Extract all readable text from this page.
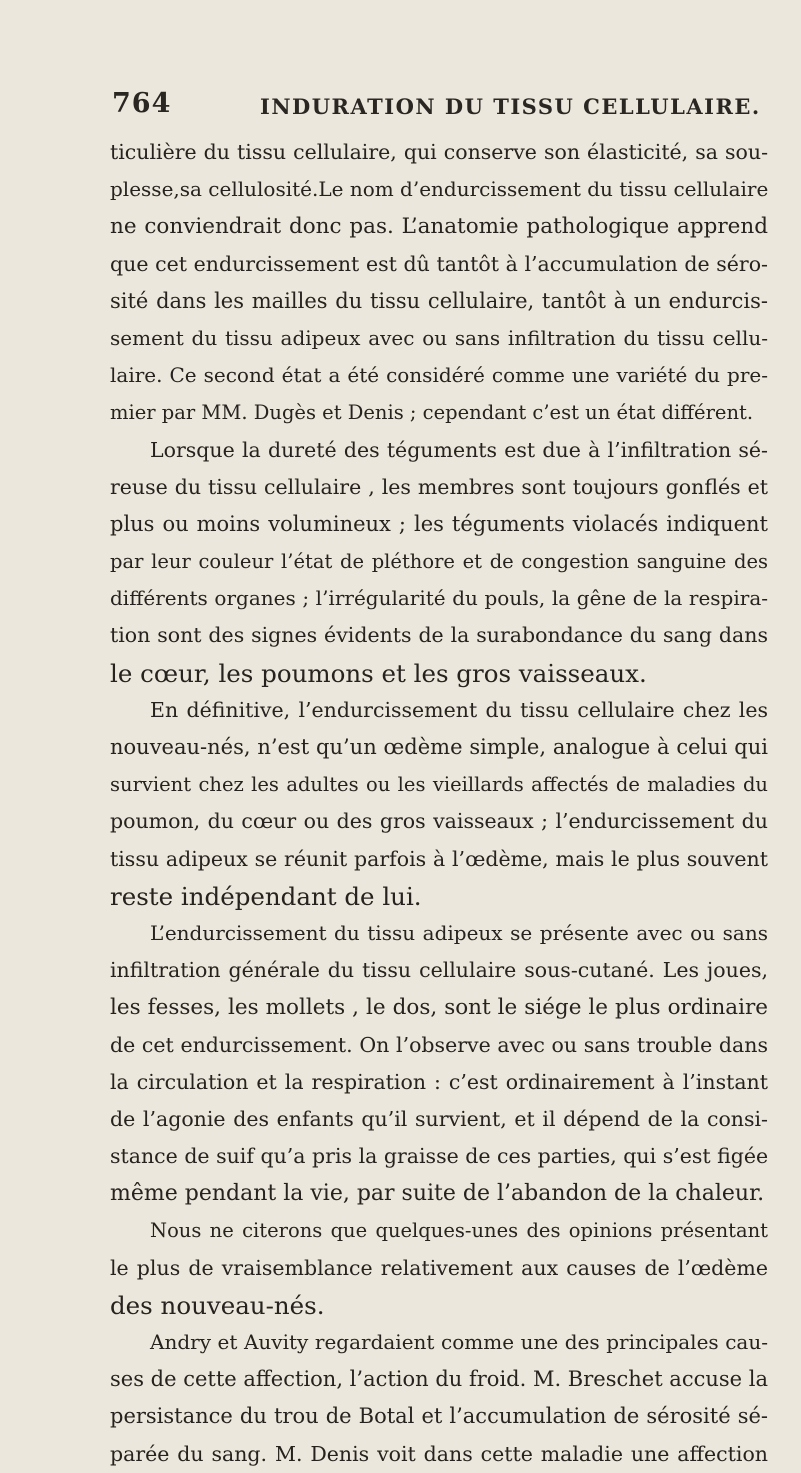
764	INDURATION DU TISSU CELLULAIRE.
ticulière du tissu cellulaire, qui conserve son élasticité, sa sou-
plesse,sa cellulosité.Le nom d’endurcissement du tissu cellulaire
ne conviendrait donc pas. L’anatomie pathologique apprend
que cet endurcissement est dû tantôt à l’accumulation de séro-
sité dans les mailles du tissu cellulaire, tantôt à un endurcis-
sement du tissu adipeux avec ou sans infiltration du tissu cellu-
laire. Ce second état a été considéré comme une variété du pre-
mier par MM. Dugès et Denis ; cependant c’est un état différent.
Lorsque la dureté des téguments est due à l’infiltration sé-
reuse du tissu cellulaire , les membres sont toujours gonflés et
plus ou moins volumineux ; les téguments violacés indiquent
par leur couleur l’état de pléthore et de congestion sanguine des
différents organes ; l’irrégularité du pouls, la gêne de la respira-
tion sont des signes évidents de la surabondance du sang dans
le cœur, les poumons et les gros vaisseaux.
En définitive, l’endurcissement du tissu cellulaire chez les
nouveau-nés, n’est qu’un œdème simple, analogue à celui qui
survient chez les adultes ou les vieillards affectés de maladies du
poumon, du cœur ou des gros vaisseaux ; l’endurcissement du
tissu adipeux se réunit parfois à l’œdème, mais le plus souvent
reste indépendant de lui.
L’endurcissement du tissu adipeux se présente avec ou sans
infiltration générale du tissu cellulaire sous-cutané. Les joues,
les fesses, les mollets , le dos, sont le siége le plus ordinaire
de cet endurcissement. On l’observe avec ou sans trouble dans
la circulation et la respiration : c’est ordinairement à l’instant
de l’agonie des enfants qu’il survient, et il dépend de la consi-
stance de suif qu’a pris la graisse de ces parties, qui s’est figée
même pendant la vie, par suite de l’abandon de la chaleur.
Nous ne citerons que quelques-unes des opinions présentant
le plus de vraisemblance relativement aux causes de l’œdème
des nouveau-nés.
Andry et Auvity regardaient comme une des principales cau-
ses de cette affection, l’action du froid. M. Breschet accuse la
persistance du trou de Botal et l’accumulation de sérosité sé-
parée du sang. M. Denis voit dans cette maladie une affection
